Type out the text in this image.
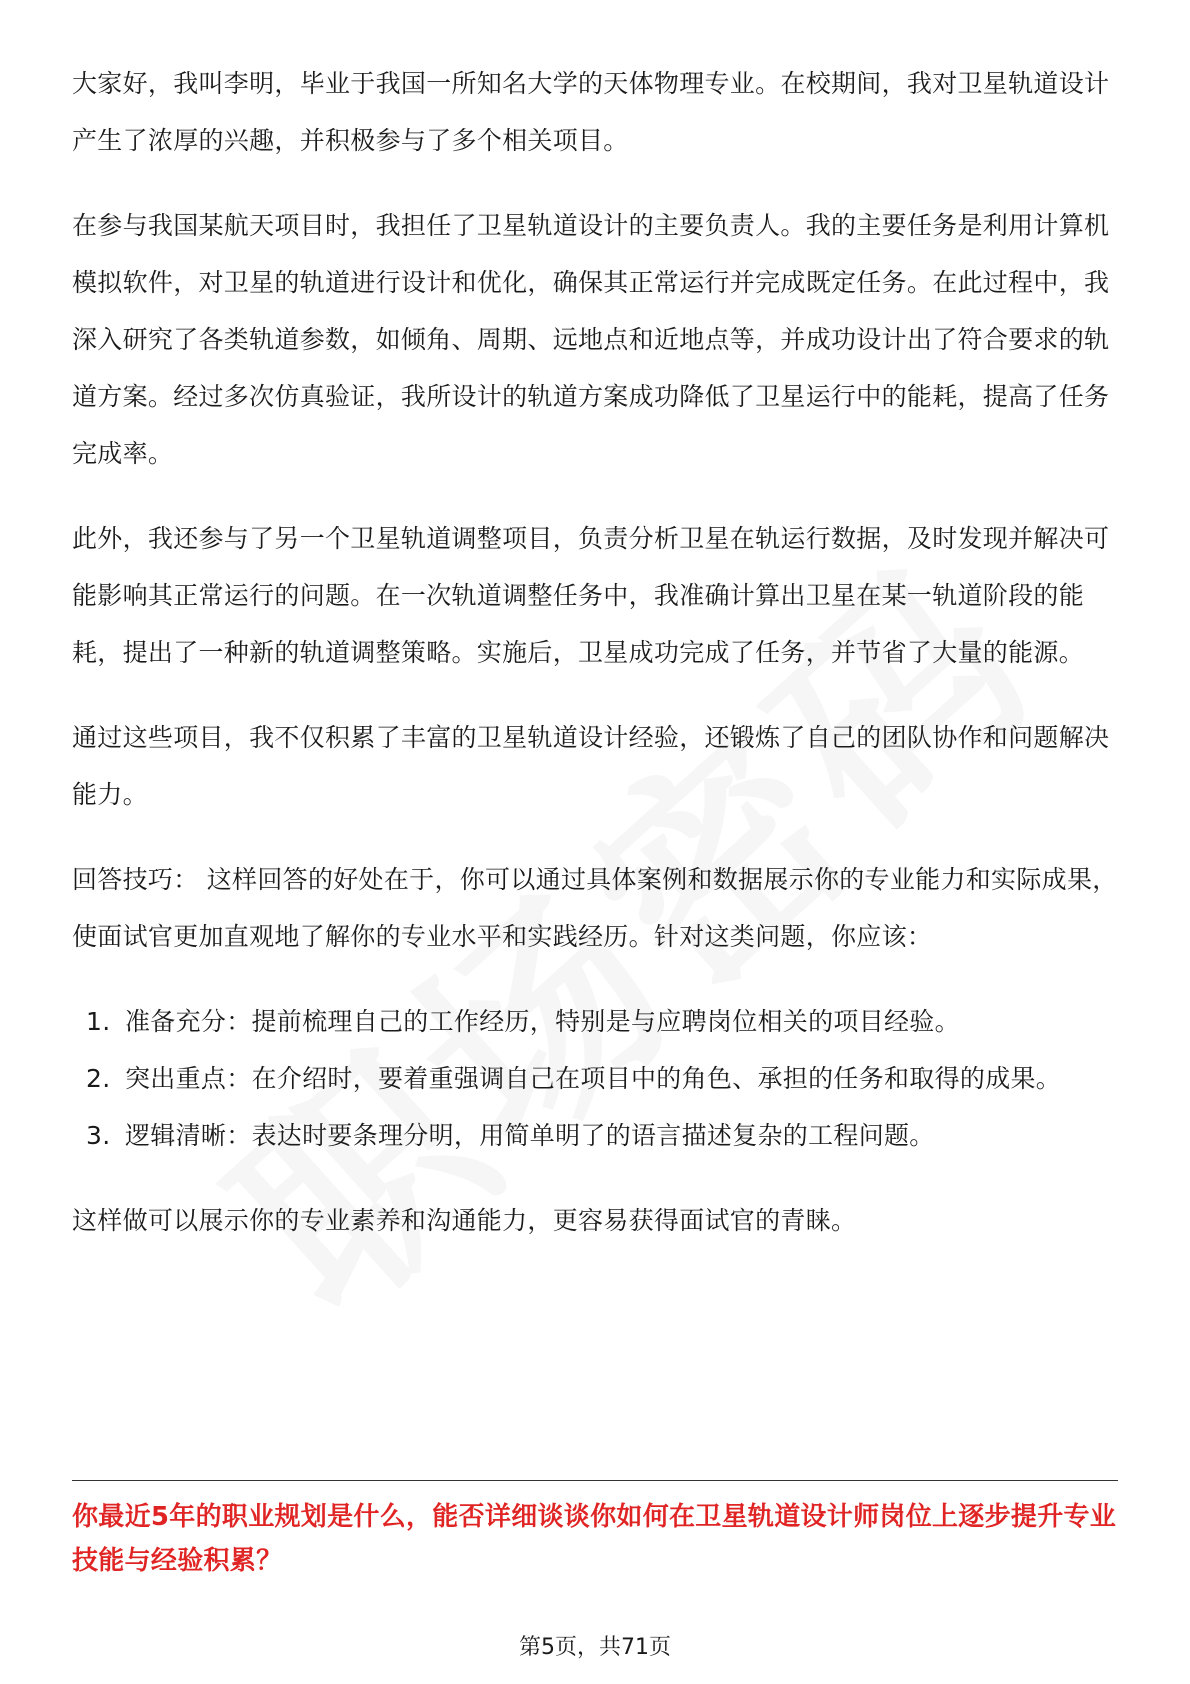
大家好，我叫李明，毕业于我国一所知名大学的天体物理专业。在校期间，我对卫星轨道设计产生了浓厚的兴趣，并积极参与了多个相关项目。

在参与我国某航天项目时，我担任了卫星轨道设计的主要负责人。我的主要任务是利用计算机模拟软件，对卫星的轨道进行设计和优化，确保其正常运行并完成既定任务。在此过程中，我深入研究了各类轨道参数，如倾角、周期、远地点和近地点等，并成功设计出了符合要求的轨道方案。经过多次仿真验证，我所设计的轨道方案成功降低了卫星运行中的能耗，提高了任务完成率。

此外，我还参与了另一个卫星轨道调整项目，负责分析卫星在轨运行数据，及时发现并解决可能影响其正常运行的问题。在一次轨道调整任务中，我准确计算出卫星在某一轨道阶段的能耗，提出了一种新的轨道调整策略。实施后，卫星成功完成了任务，并节省了大量的能源。

通过这些项目，我不仅积累了丰富的卫星轨道设计经验，还锻炼了自己的团队协作和问题解决能力。

回答技巧： 这样回答的好处在于，你可以通过具体案例和数据展示你的专业能力和实际成果，使面试官更加直观地了解你的专业水平和实践经历。针对这类问题，你应该：

1. 准备充分：提前梳理自己的工作经历，特别是与应聘岗位相关的项目经验。
2. 突出重点：在介绍时，要着重强调自己在项目中的角色、承担的任务和取得的成果。
3. 逻辑清晰：表达时要条理分明，用简单明了的语言描述复杂的工程问题。

这样做可以展示你的专业素养和沟通能力，更容易获得面试官的青睐。

你最近5年的职业规划是什么，能否详细谈谈你如何在卫星轨道设计师岗位上逐步提升专业技能与经验积累？
第5页，共71页
